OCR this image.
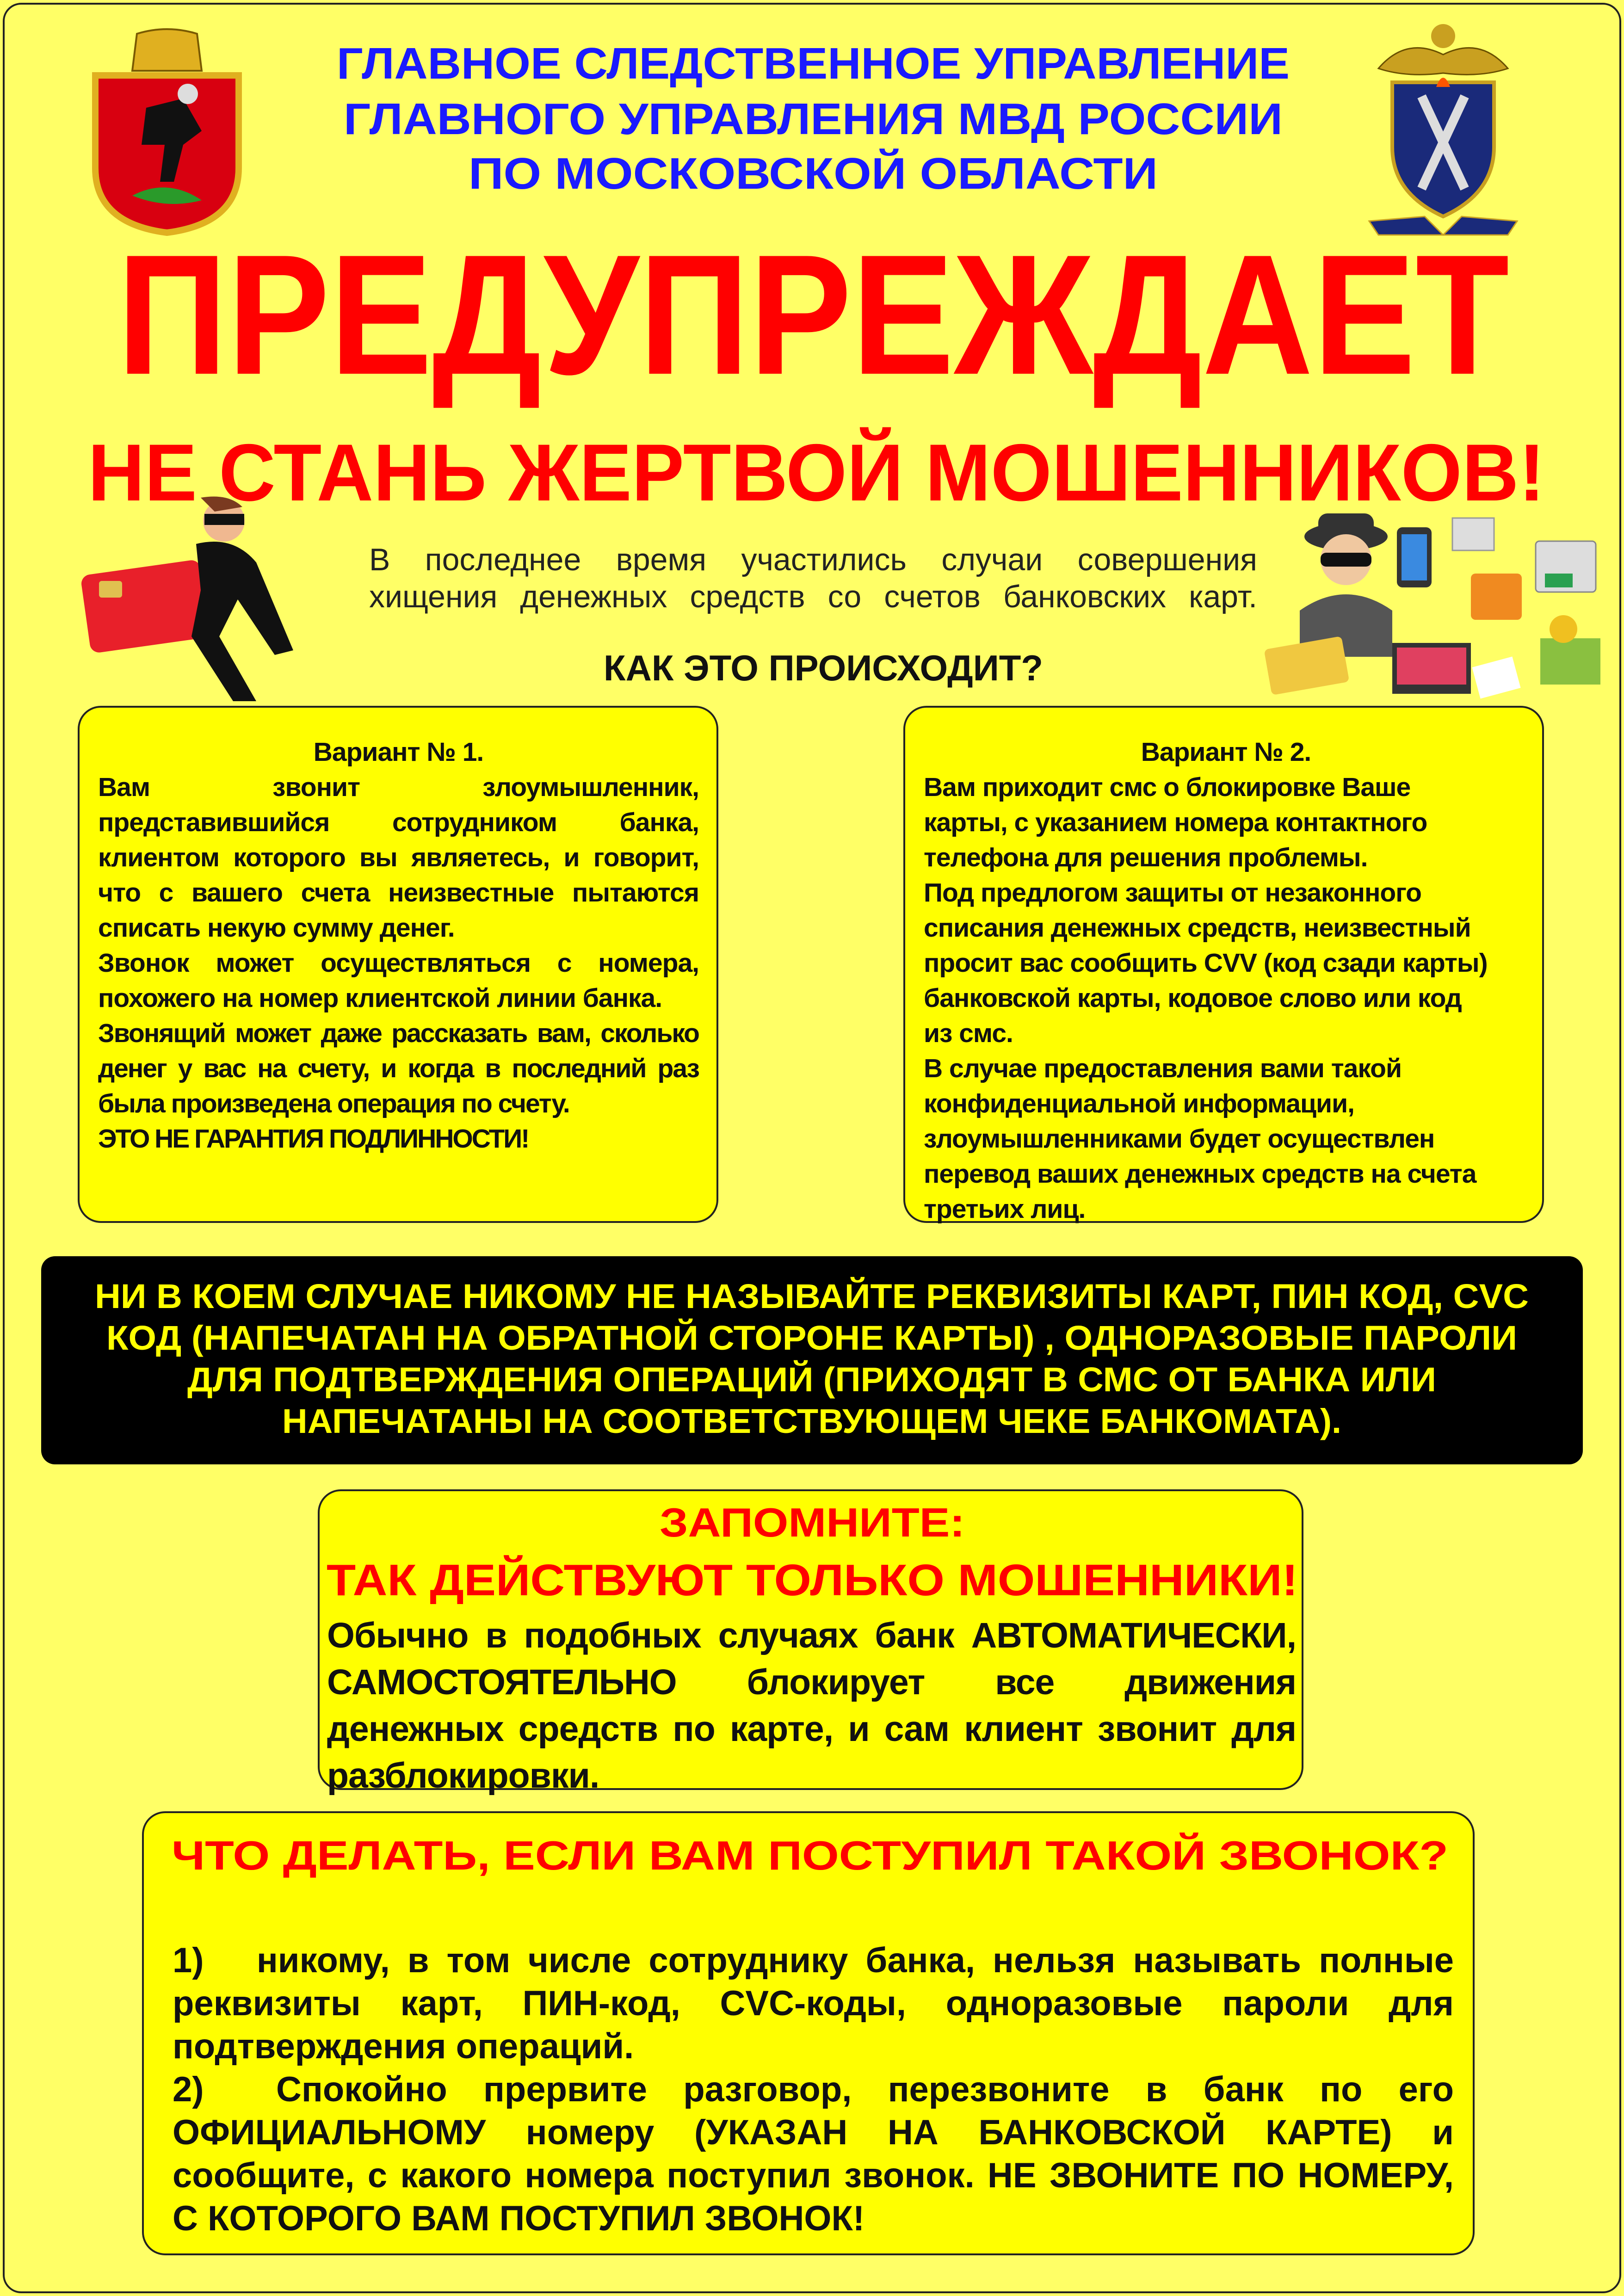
ГЛАВНОЕ СЛЕДСТВЕННОЕ УПРАВЛЕНИЕ
ГЛАВНОГО УПРАВЛЕНИЯ МВД РОССИИ
ПО МОСКОВСКОЙ ОБЛАСТИ
ПРЕДУПРЕЖДАЕТ
НЕ СТАНЬ ЖЕРТВОЙ МОШЕННИКОВ!
В последнее время участились случаи совершения хищения денежных средств со счетов банковских карт.
КАК ЭТО ПРОИСХОДИТ?

Вариант № 1.

Вам звонит злоумышленник, представившийся сотрудником банка, клиентом которого вы являетесь, и говорит, что с вашего счета неизвестные пытаются списать некую сумму денег.

Звонок может осуществляться с номера, похожего на номер клиентской линии банка.

Звонящий может даже рассказать вам, сколько денег у вас на счету, и когда в последний раз была произведена операция по счету.

ЭТО НЕ ГАРАНТИЯ ПОДЛИННОСТИ!

Вариант № 2.

Вам приходит смс о блокировке Ваше карты, с указанием номера контактного телефона для решения проблемы.

Под предлогом защиты от незаконного списания денежных средств, неизвестный просит вас сообщить CVV (код сзади карты) банковской карты, кодовое слово или код из смс.

В случае предоставления вами такой конфиденциальной информации, злоумышленниками будет осуществлен перевод ваших денежных средств на счета третьих лиц.

НИ В КОЕМ СЛУЧАЕ НИКОМУ НЕ НАЗЫВАЙТЕ РЕКВИЗИТЫ КАРТ, ПИН КОД, CVC
КОД (НАПЕЧАТАН НА ОБРАТНОЙ СТОРОНЕ КАРТЫ) , ОДНОРАЗОВЫЕ ПАРОЛИ
ДЛЯ ПОДТВЕРЖДЕНИЯ ОПЕРАЦИЙ (ПРИХОДЯТ В СМС ОТ БАНКА ИЛИ
НАПЕЧАТАНЫ НА СООТВЕТСТВУЮЩЕМ ЧЕКЕ БАНКОМАТА).
ЗАПОМНИТЕ:
ТАК ДЕЙСТВУЮТ ТОЛЬКО МОШЕННИКИ!
Обычно в подобных случаях банк АВТОМАТИЧЕСКИ, САМОСТОЯТЕЛЬНО блокирует все движения денежных средств по карте, и сам клиент звонит для разблокировки.
ЧТО ДЕЛАТЬ, ЕСЛИ ВАМ ПОСТУПИЛ ТАКОЙ ЗВОНОК?
1)   никому, в том числе сотруднику банка, нельзя называть полные реквизиты карт, ПИН-код, CVC-коды, одноразовые пароли для подтверждения операций.
2)  Спокойно прервите разговор, перезвоните в банк по его ОФИЦИАЛЬНОМУ номеру (УКАЗАН НА БАНКОВСКОЙ КАРТЕ) и сообщите, с какого номера поступил звонок. НЕ ЗВОНИТЕ ПО НОМЕРУ, С КОТОРОГО ВАМ ПОСТУПИЛ ЗВОНОК!
